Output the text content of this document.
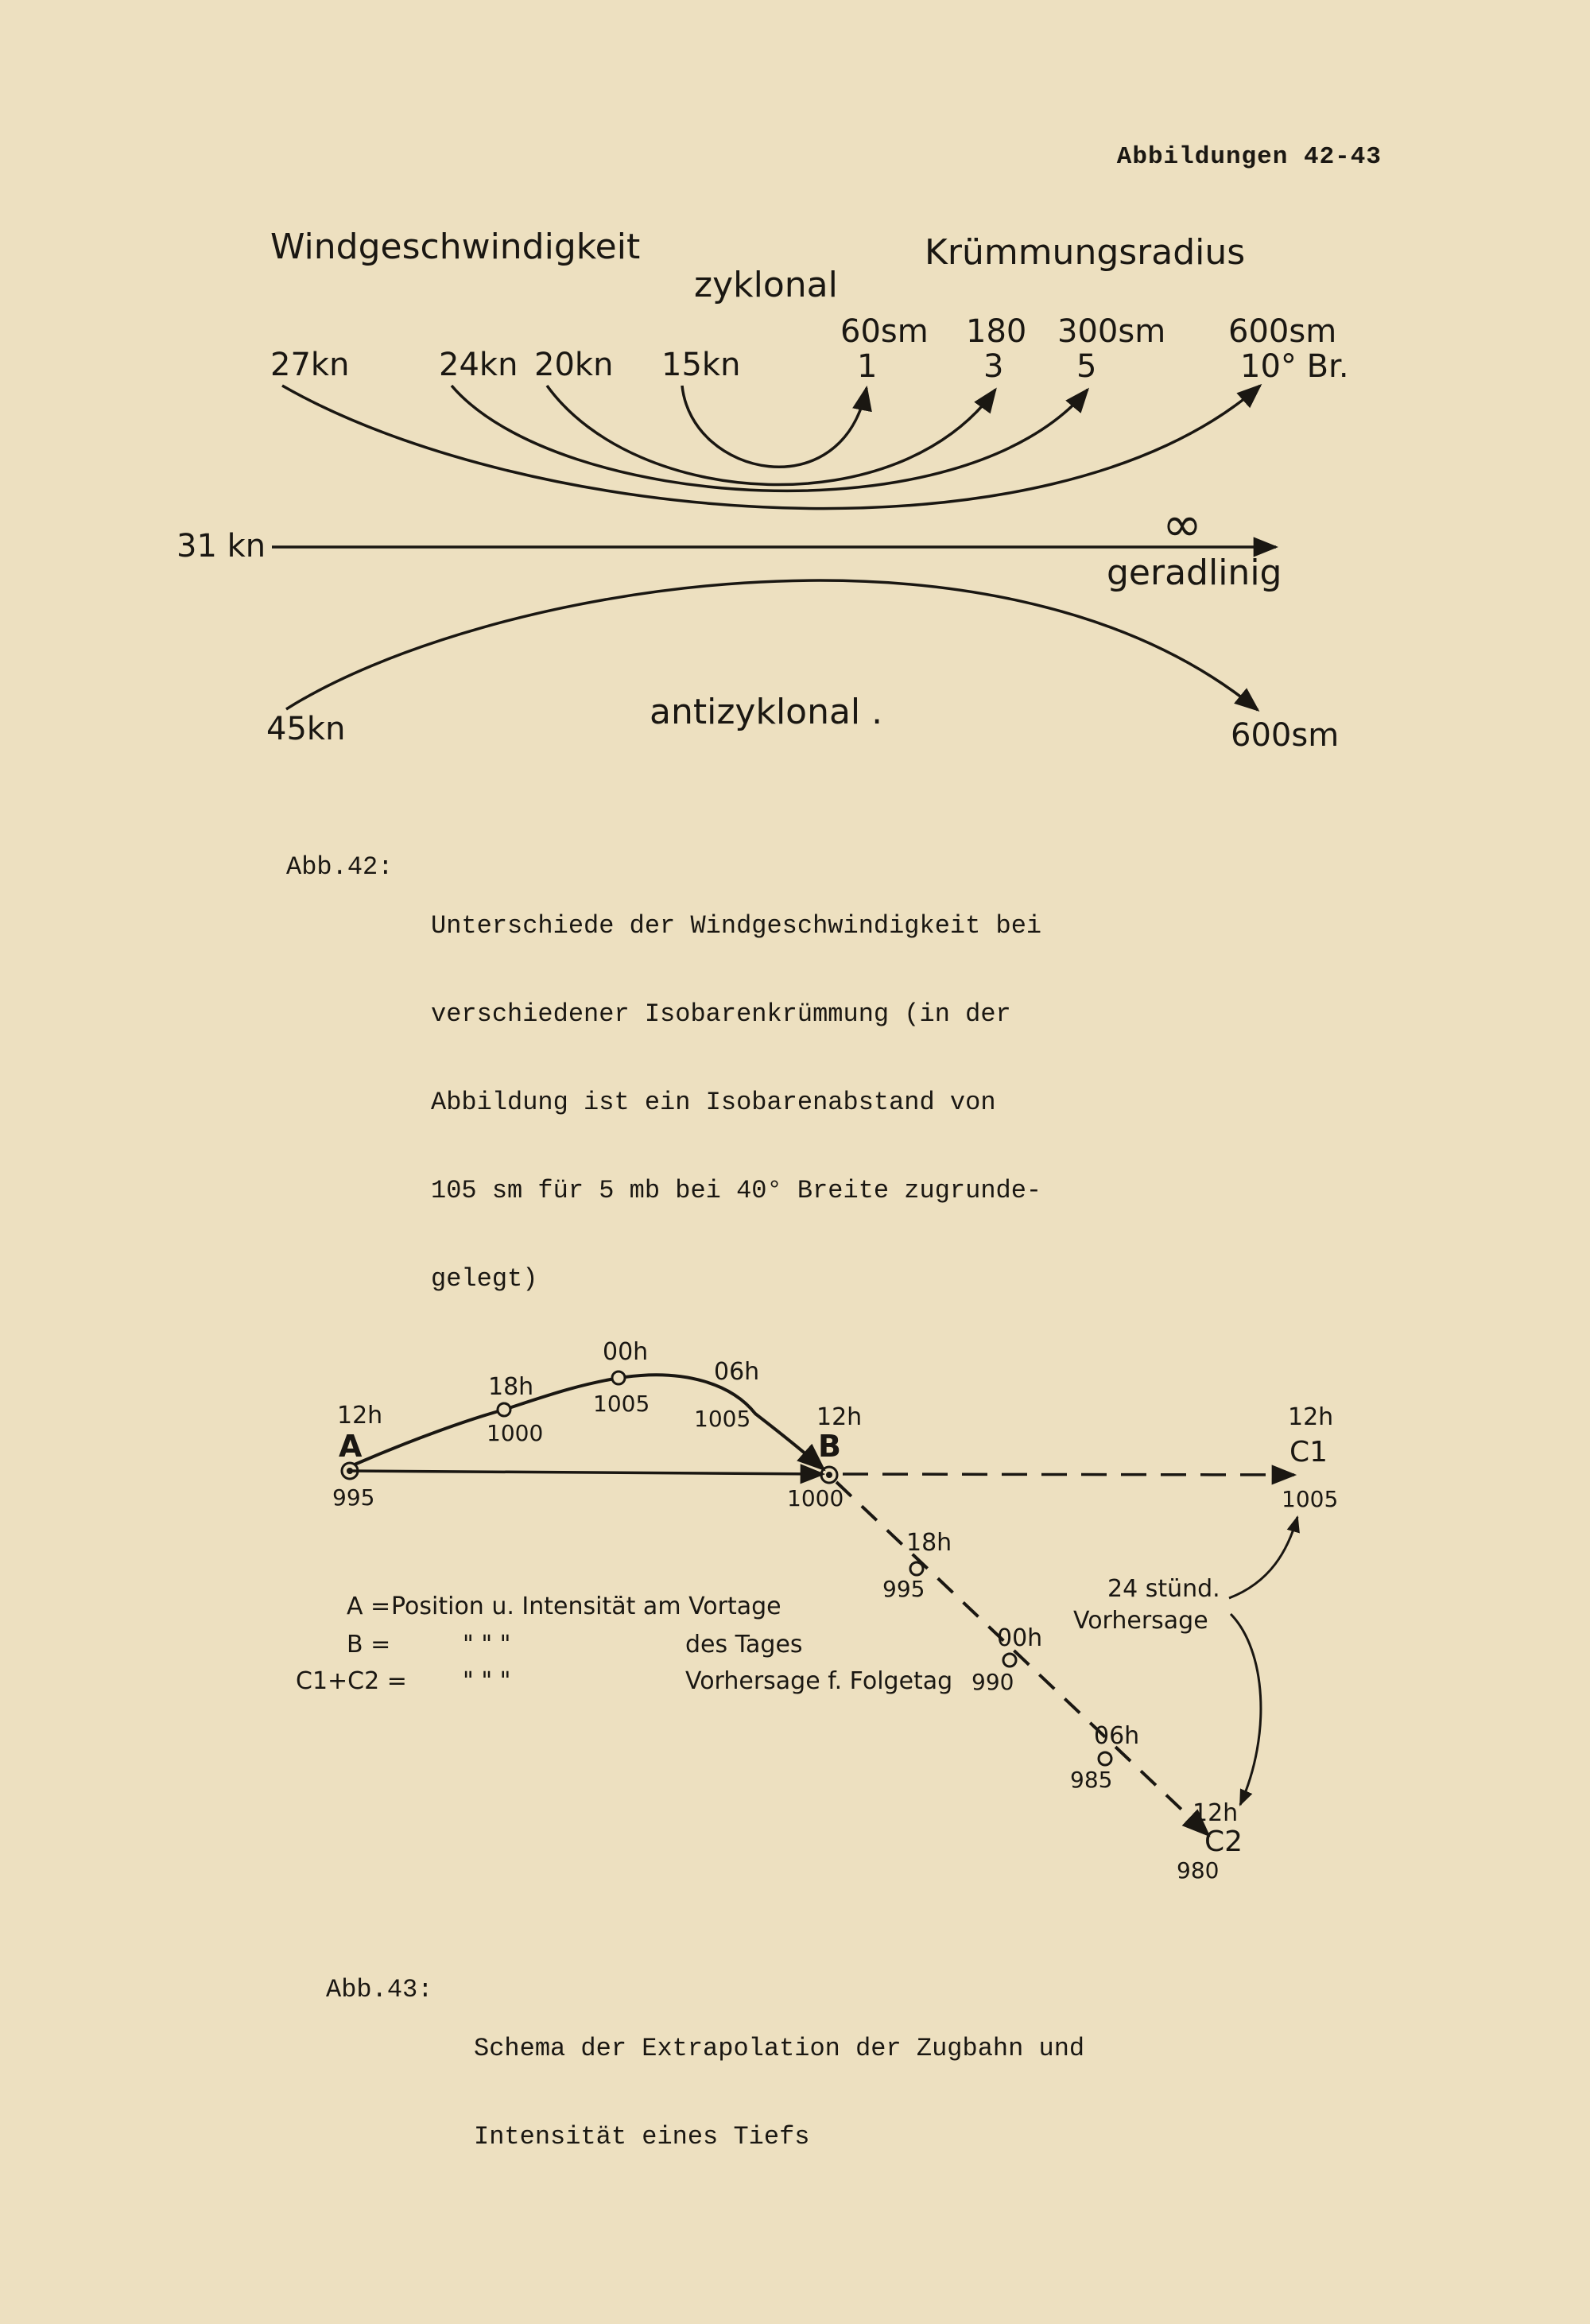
Abbildungen 42-43
Windgeschwindigkeit	Krümmungsradius
zyklonal
27kn	24kn 20kn 15kn
31 kn
45kn
60sm 180 300sm 600sm
1	3 5	10° Br.
∞
geradlinig
antizyklonal .
600sm

Abb.42:

Unterschiede der Windgeschwindigkeit bei

verschiedener Isobarenkrümmung (in der

Abbildung ist ein Isobarenabstand von

105 sm für 5 mb bei 40° Breite zugrunde-

gelegt)

12h
A
995
18h
1000
00h
1005
06h
1005	12h
B
1000
12h
C1
1005
18h
995
00h
990
06h
985
12h
C2
980
24 stünd.
Vorhersage
A = Position u. Intensität am Vortage
B =	" " "	des Tages
C1+C2 = " " "	Vorhersage f. Folgetag

Abb.43:

Schema der Extrapolation der Zugbahn und

Intensität eines Tiefs
